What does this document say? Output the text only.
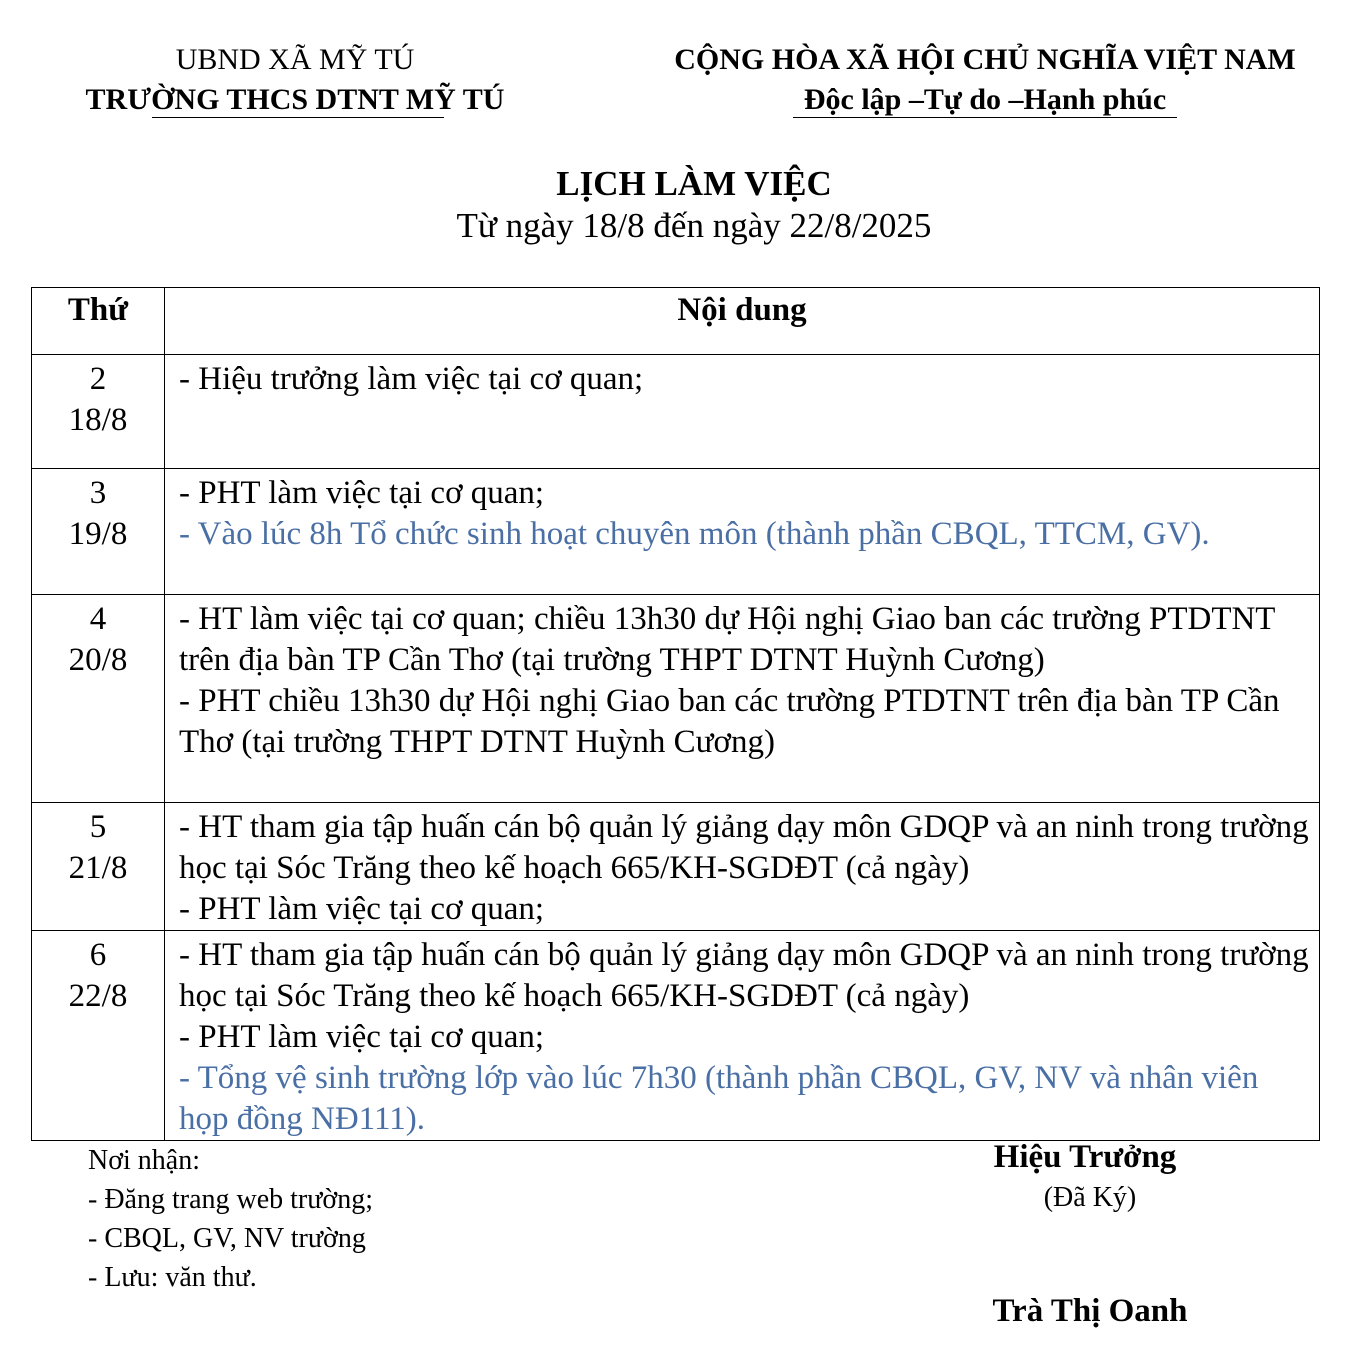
UBND XÃ MỸ TÚ
TRƯỜNG THCS DTNT MỸ TÚ
CỘNG HÒA XÃ HỘI CHỦ NGHĨA VIỆT NAM
Độc lập –Tự do –Hạnh phúc
LỊCH LÀM VIỆC
Từ ngày 18/8 đến ngày 22/8/2025
Thứ	Nội dung

2
18/8	- Hiệu trưởng làm việc tại cơ quan;

3
19/8	- PHT làm việc tại cơ quan;
- Vào lúc 8h Tổ chức sinh hoạt chuyên môn (thành phần CBQL, TTCM, GV).

4
20/8	- HT làm việc tại cơ quan; chiều 13h30 dự Hội nghị Giao ban các trường PTDTNT trên địa bàn TP Cần Thơ (tại trường THPT DTNT Huỳnh Cương)
- PHT chiều 13h30 dự Hội nghị Giao ban các trường PTDTNT trên địa bàn TP Cần Thơ (tại trường THPT DTNT Huỳnh Cương)

5
21/8	- HT tham gia tập huấn cán bộ quản lý giảng dạy môn GDQP và an ninh trong trường học tại Sóc Trăng theo kế hoạch 665/KH-SGDĐT (cả ngày)
- PHT làm việc tại cơ quan;

6
22/8	- HT tham gia tập huấn cán bộ quản lý giảng dạy môn GDQP và an ninh trong trường học tại Sóc Trăng theo kế hoạch 665/KH-SGDĐT (cả ngày)
- PHT làm việc tại cơ quan;
- Tổng vệ sinh trường lớp vào lúc 7h30 (thành phần CBQL, GV, NV và nhân viên họp đồng NĐ111).
Nơi nhận:
- Đăng trang web trường;
- CBQL, GV, NV trường
- Lưu: văn thư.
Hiệu Trưởng
(Đã Ký)
Trà Thị Oanh
